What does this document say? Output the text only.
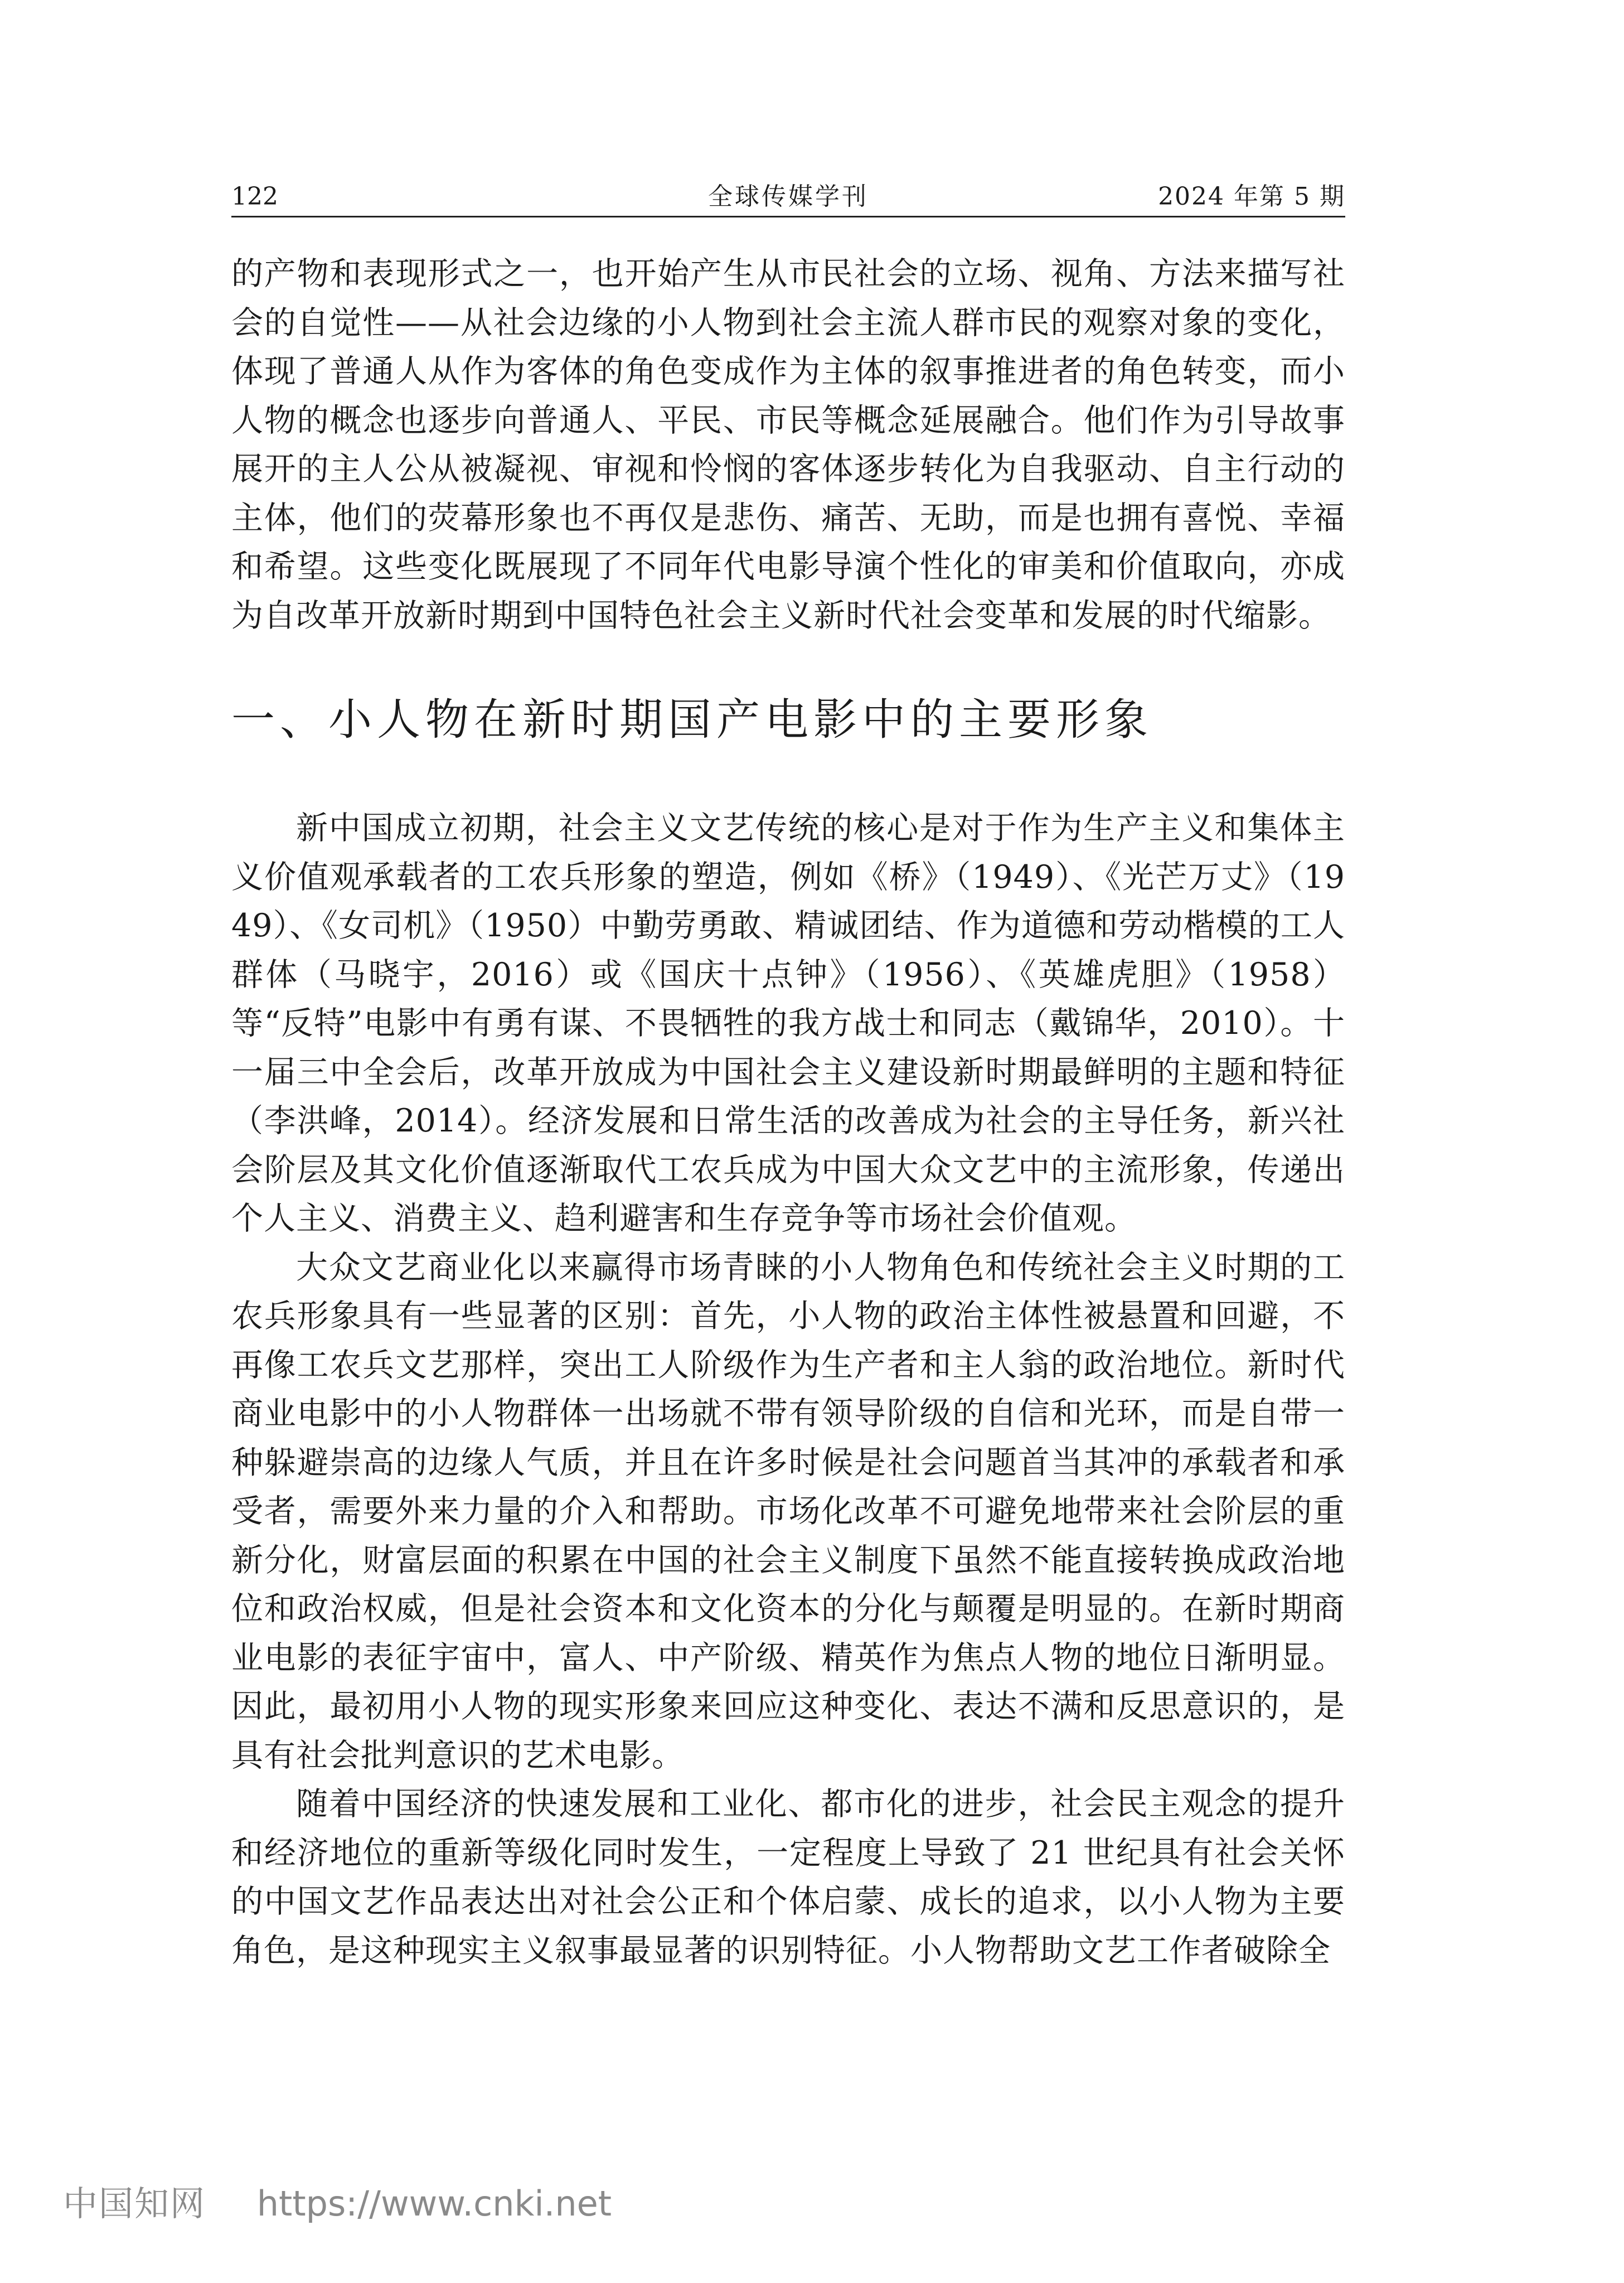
122	全球传媒学刊	2024 年第 5 期

的产物和表现形式之一，也开始产生从市民社会的立场、视角、方法来描写社会的自觉性——从社会边缘的小人物到社会主流人群市民的观察对象的变化，体现了普通人从作为客体的角色变成作为主体的叙事推进者的角色转变，而小人物的概念也逐步向普通人、平民、市民等概念延展融合。他们作为引导故事展开的主人公从被凝视、审视和怜悯的客体逐步转化为自我驱动、自主行动的主体，他们的荧幕形象也不再仅是悲伤、痛苦、无助，而是也拥有喜悦、幸福和希望。这些变化既展现了不同年代电影导演个性化的审美和价值取向，亦成为自改革开放新时期到中国特色社会主义新时代社会变革和发展的时代缩影。

一、小人物在新时期国产电影中的主要形象

新中国成立初期，社会主义文艺传统的核心是对于作为生产主义和集体主义价值观承载者的工农兵形象的塑造，例如《桥》（1949）、《光芒万丈》（1949）、《女司机》（1950）中勤劳勇敢、精诚团结、作为道德和劳动楷模的工人群体（马晓宇，2016）或《国庆十点钟》（1956）、《英雄虎胆》（1958）等“反特”电影中有勇有谋、不畏牺牲的我方战士和同志（戴锦华，2010）。十一届三中全会后，改革开放成为中国社会主义建设新时期最鲜明的主题和特征（李洪峰，2014）。经济发展和日常生活的改善成为社会的主导任务，新兴社会阶层及其文化价值逐渐取代工农兵成为中国大众文艺中的主流形象，传递出个人主义、消费主义、趋利避害和生存竞争等市场社会价值观。

大众文艺商业化以来赢得市场青睐的小人物角色和传统社会主义时期的工农兵形象具有一些显著的区别：首先，小人物的政治主体性被悬置和回避，不再像工农兵文艺那样，突出工人阶级作为生产者和主人翁的政治地位。新时代商业电影中的小人物群体一出场就不带有领导阶级的自信和光环，而是自带一种躲避崇高的边缘人气质，并且在许多时候是社会问题首当其冲的承载者和承受者，需要外来力量的介入和帮助。市场化改革不可避免地带来社会阶层的重新分化，财富层面的积累在中国的社会主义制度下虽然不能直接转换成政治地位和政治权威，但是社会资本和文化资本的分化与颠覆是明显的。在新时期商业电影的表征宇宙中，富人、中产阶级、精英作为焦点人物的地位日渐明显。因此，最初用小人物的现实形象来回应这种变化、表达不满和反思意识的，是具有社会批判意识的艺术电影。

随着中国经济的快速发展和工业化、都市化的进步，社会民主观念的提升和经济地位的重新等级化同时发生，一定程度上导致了 21 世纪具有社会关怀的中国文艺作品表达出对社会公正和个体启蒙、成长的追求，以小人物为主要角色，是这种现实主义叙事最显著的识别特征。小人物帮助文艺工作者破除全

中国知网 https://www.cnki.net
